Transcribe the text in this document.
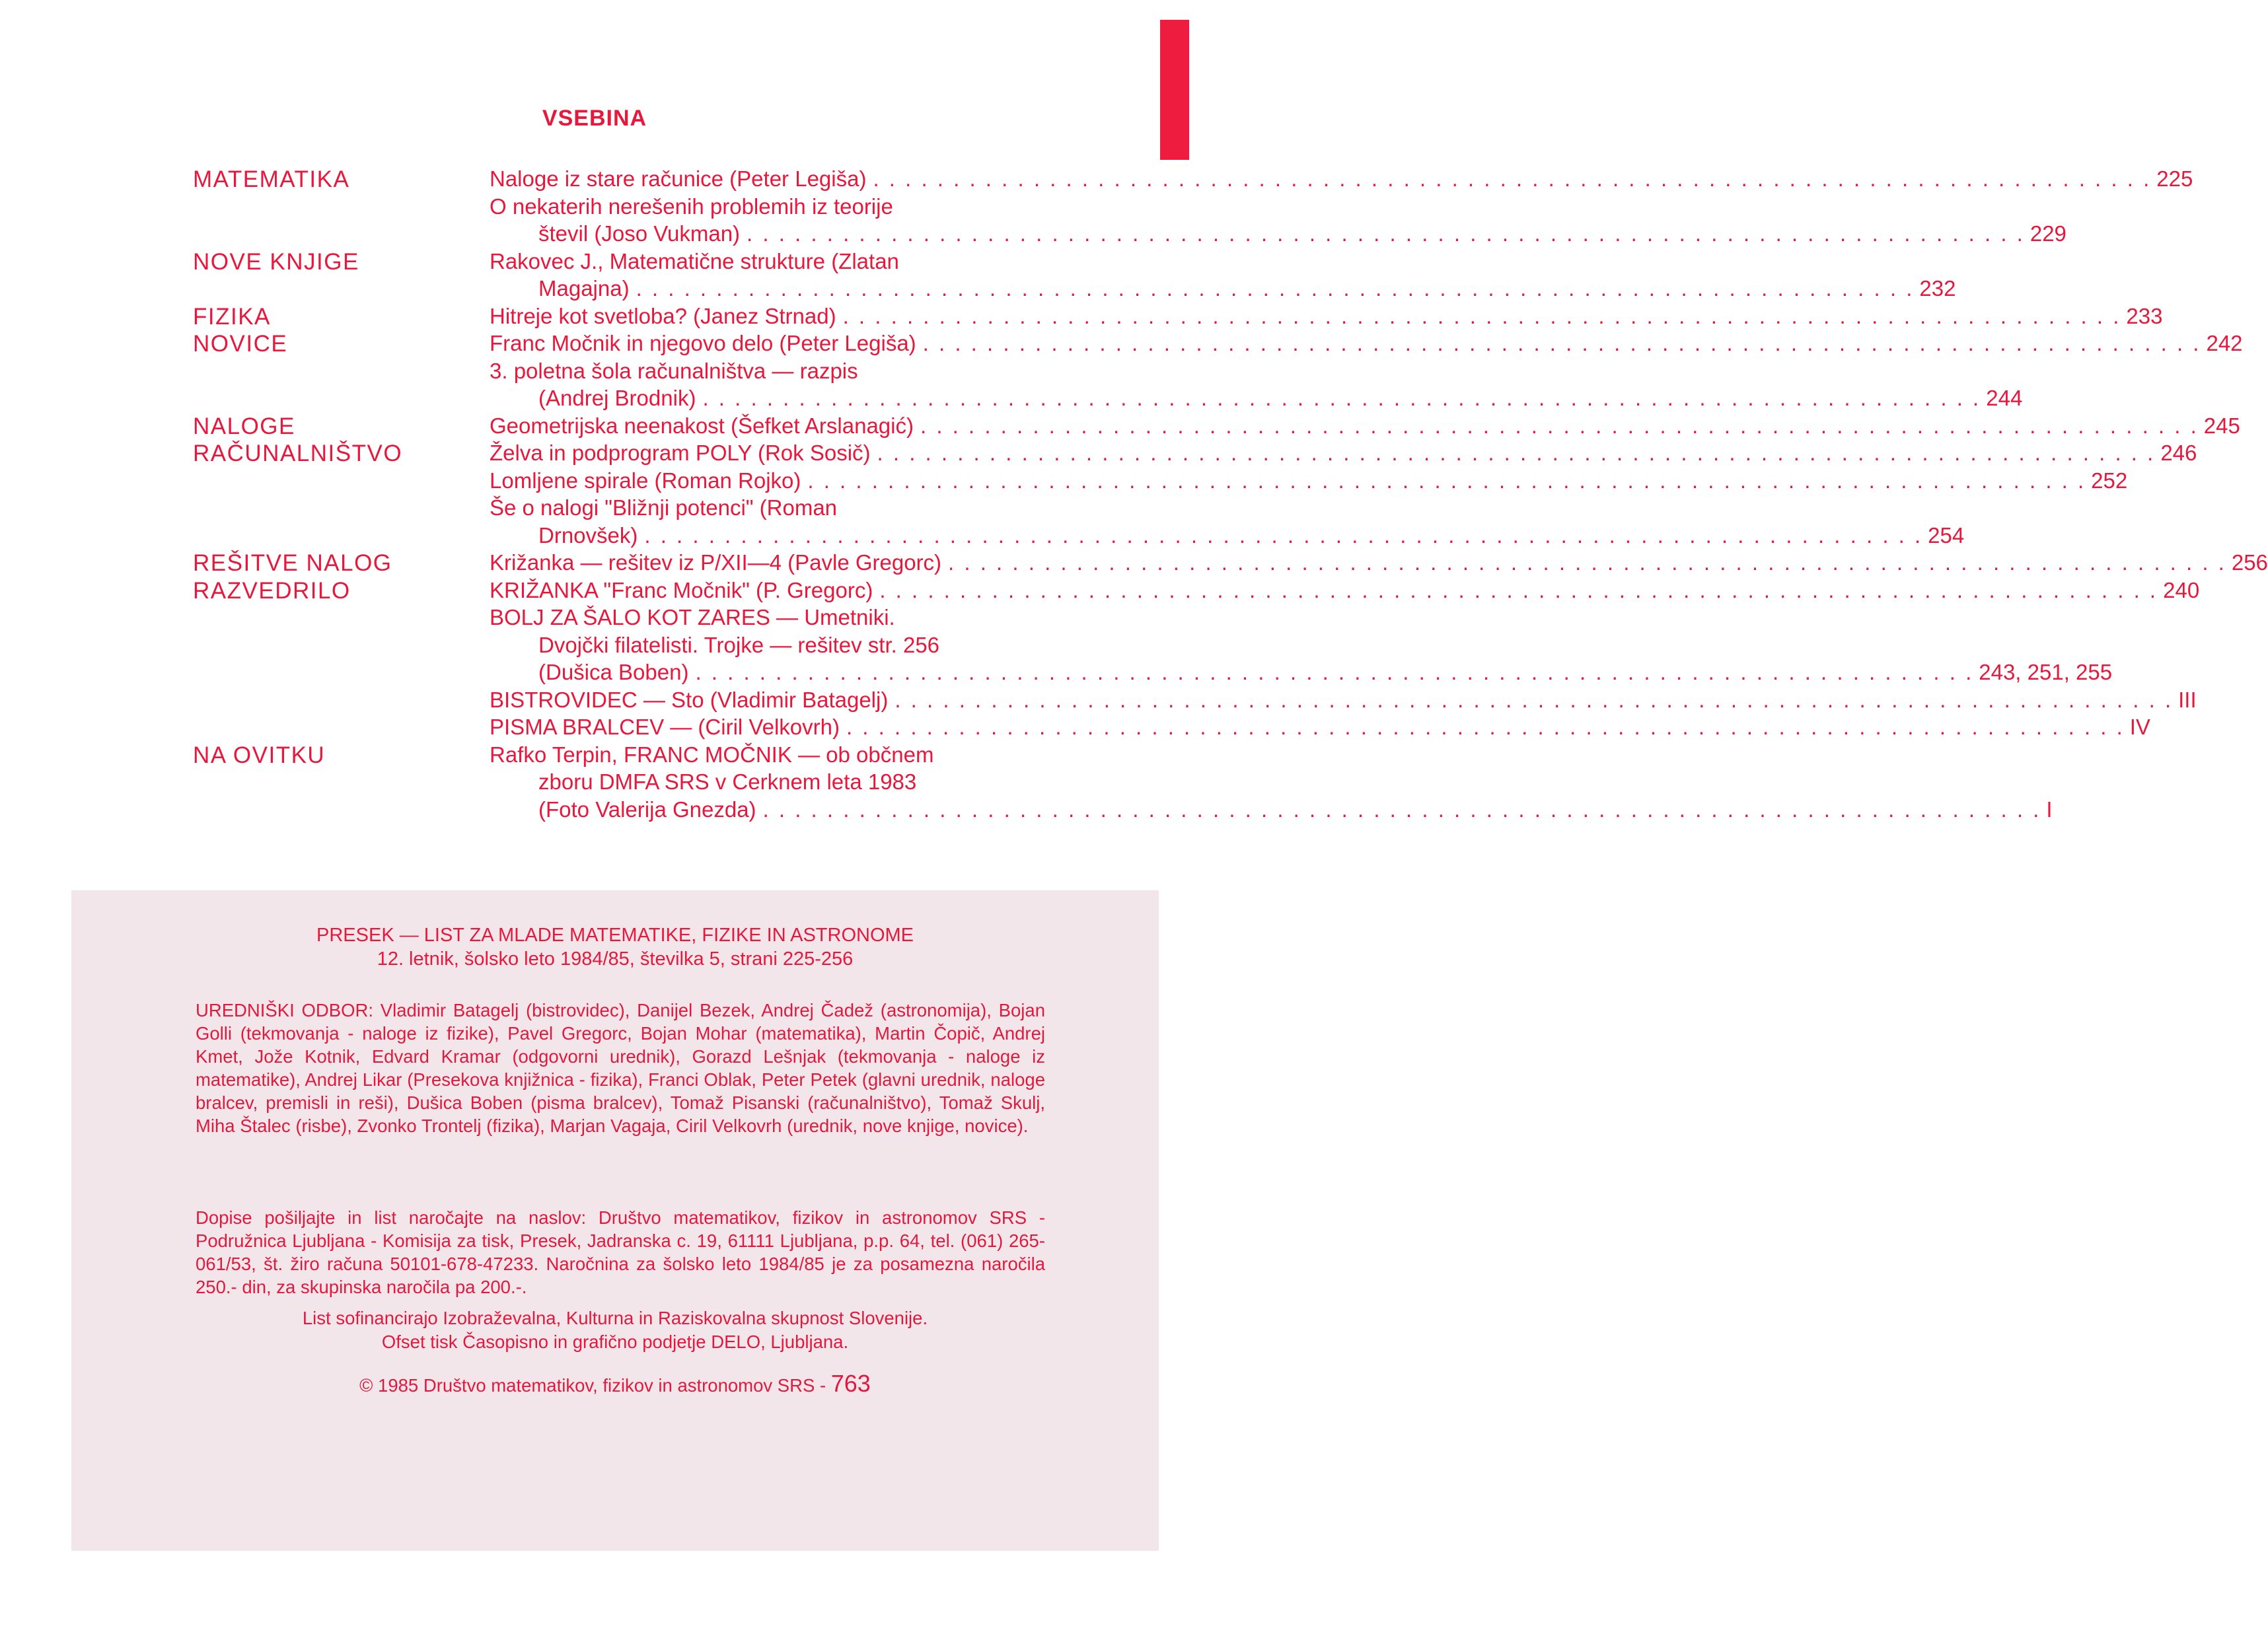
VSEBINA
MATEMATIKA	Naloge iz stare računice (Peter Legiša) . . . . . . . . . . . . . . . . . . . . . . . . . . . . . . . . . . . . . . . . . . . . . . . . . . . . . . . . . . . . . . . . . . . . . . . . . . . . . . . . 225
O nekaterih nerešenih problemih iz teorije
števil (Joso Vukman) . . . . . . . . . . . . . . . . . . . . . . . . . . . . . . . . . . . . . . . . . . . . . . . . . . . . . . . . . . . . . . . . . . . . . . . . . . . . . . . . 229
NOVE KNJIGE	Rakovec J., Matematične strukture (Zlatan
Magajna) . . . . . . . . . . . . . . . . . . . . . . . . . . . . . . . . . . . . . . . . . . . . . . . . . . . . . . . . . . . . . . . . . . . . . . . . . . . . . . . . 232
FIZIKA	Hitreje kot svetloba? (Janez Strnad) . . . . . . . . . . . . . . . . . . . . . . . . . . . . . . . . . . . . . . . . . . . . . . . . . . . . . . . . . . . . . . . . . . . . . . . . . . . . . . . . 233
NOVICE	Franc Močnik in njegovo delo (Peter Legiša) . . . . . . . . . . . . . . . . . . . . . . . . . . . . . . . . . . . . . . . . . . . . . . . . . . . . . . . . . . . . . . . . . . . . . . . . . . . . . . . . 242
3. poletna šola računalništva — razpis
(Andrej Brodnik) . . . . . . . . . . . . . . . . . . . . . . . . . . . . . . . . . . . . . . . . . . . . . . . . . . . . . . . . . . . . . . . . . . . . . . . . . . . . . . . . 244
NALOGE	Geometrijska neenakost (Šefket Arslanagić) . . . . . . . . . . . . . . . . . . . . . . . . . . . . . . . . . . . . . . . . . . . . . . . . . . . . . . . . . . . . . . . . . . . . . . . . . . . . . . . . 245
RAČUNALNIŠTVO	Želva in podprogram POLY (Rok Sosič) . . . . . . . . . . . . . . . . . . . . . . . . . . . . . . . . . . . . . . . . . . . . . . . . . . . . . . . . . . . . . . . . . . . . . . . . . . . . . . . . 246
Lomljene spirale (Roman Rojko) . . . . . . . . . . . . . . . . . . . . . . . . . . . . . . . . . . . . . . . . . . . . . . . . . . . . . . . . . . . . . . . . . . . . . . . . . . . . . . . . 252
Še o nalogi "Bližnji potenci" (Roman
Drnovšek) . . . . . . . . . . . . . . . . . . . . . . . . . . . . . . . . . . . . . . . . . . . . . . . . . . . . . . . . . . . . . . . . . . . . . . . . . . . . . . . . 254
REŠITVE NALOG	Križanka — rešitev iz P/XII—4 (Pavle Gregorc) . . . . . . . . . . . . . . . . . . . . . . . . . . . . . . . . . . . . . . . . . . . . . . . . . . . . . . . . . . . . . . . . . . . . . . . . . . . . . . . . 256
RAZVEDRILO	KRIŽANKA "Franc Močnik" (P. Gregorc) . . . . . . . . . . . . . . . . . . . . . . . . . . . . . . . . . . . . . . . . . . . . . . . . . . . . . . . . . . . . . . . . . . . . . . . . . . . . . . . . 240
BOLJ ZA ŠALO KOT ZARES — Umetniki.
Dvojčki filatelisti. Trojke — rešitev str. 256
(Dušica Boben) . . . . . . . . . . . . . . . . . . . . . . . . . . . . . . . . . . . . . . . . . . . . . . . . . . . . . . . . . . . . . . . . . . . . . . . . . . . . . . . . 243, 251, 255
BISTROVIDEC — Sto (Vladimir Batagelj) . . . . . . . . . . . . . . . . . . . . . . . . . . . . . . . . . . . . . . . . . . . . . . . . . . . . . . . . . . . . . . . . . . . . . . . . . . . . . . . . III
PISMA BRALCEV — (Ciril Velkovrh) . . . . . . . . . . . . . . . . . . . . . . . . . . . . . . . . . . . . . . . . . . . . . . . . . . . . . . . . . . . . . . . . . . . . . . . . . . . . . . . . IV
NA OVITKU	Rafko Terpin, FRANC MOČNIK — ob občnem
zboru DMFA SRS v Cerknem leta 1983
(Foto Valerija Gnezda) . . . . . . . . . . . . . . . . . . . . . . . . . . . . . . . . . . . . . . . . . . . . . . . . . . . . . . . . . . . . . . . . . . . . . . . . . . . . . . . . I

PRESEK — LIST ZA MLADE MATEMATIKE, FIZIKE IN ASTRONOME

12. letnik, šolsko leto 1984/85, številka 5, strani 225-256

UREDNIŠKI ODBOR: Vladimir Batagelj (bistrovidec), Danijel Bezek, Andrej Čadež (astronomija), Bojan Golli (tekmovanja - naloge iz fizike), Pavel Gregorc, Bojan Mohar (matematika), Martin Čopič, Andrej Kmet, Jože Kotnik, Edvard Kramar (odgovorni urednik), Gorazd Lešnjak (tekmovanja - naloge iz matematike), Andrej Likar (Presekova knjižnica - fizika), Franci Oblak, Peter Petek (glavni urednik, naloge bralcev, premisli in reši), Dušica Boben (pisma bralcev), Tomaž Pisanski (računalništvo), Tomaž Skulj, Miha Štalec (risbe), Zvonko Trontelj (fizika), Marjan Vagaja, Ciril Velkovrh (urednik, nove knjige, novice).

Dopise pošiljajte in list naročajte na naslov: Društvo matematikov, fizikov in astronomov SRS - Podružnica Ljubljana - Komisija za tisk, Presek, Jadranska c. 19, 61111 Ljubljana, p.p. 64, tel. (061) 265-061/53, št. žiro računa 50101-678-47233. Naročnina za šolsko leto 1984/85 je za posamezna naročila 250.- din, za skupinska naročila pa 200.-.

List sofinancirajo Izobraževalna, Kulturna in Raziskovalna skupnost Slovenije.

Ofset tisk Časopisno in grafično podjetje DELO, Ljubljana.

© 1985 Društvo matematikov, fizikov in astronomov SRS - 763
